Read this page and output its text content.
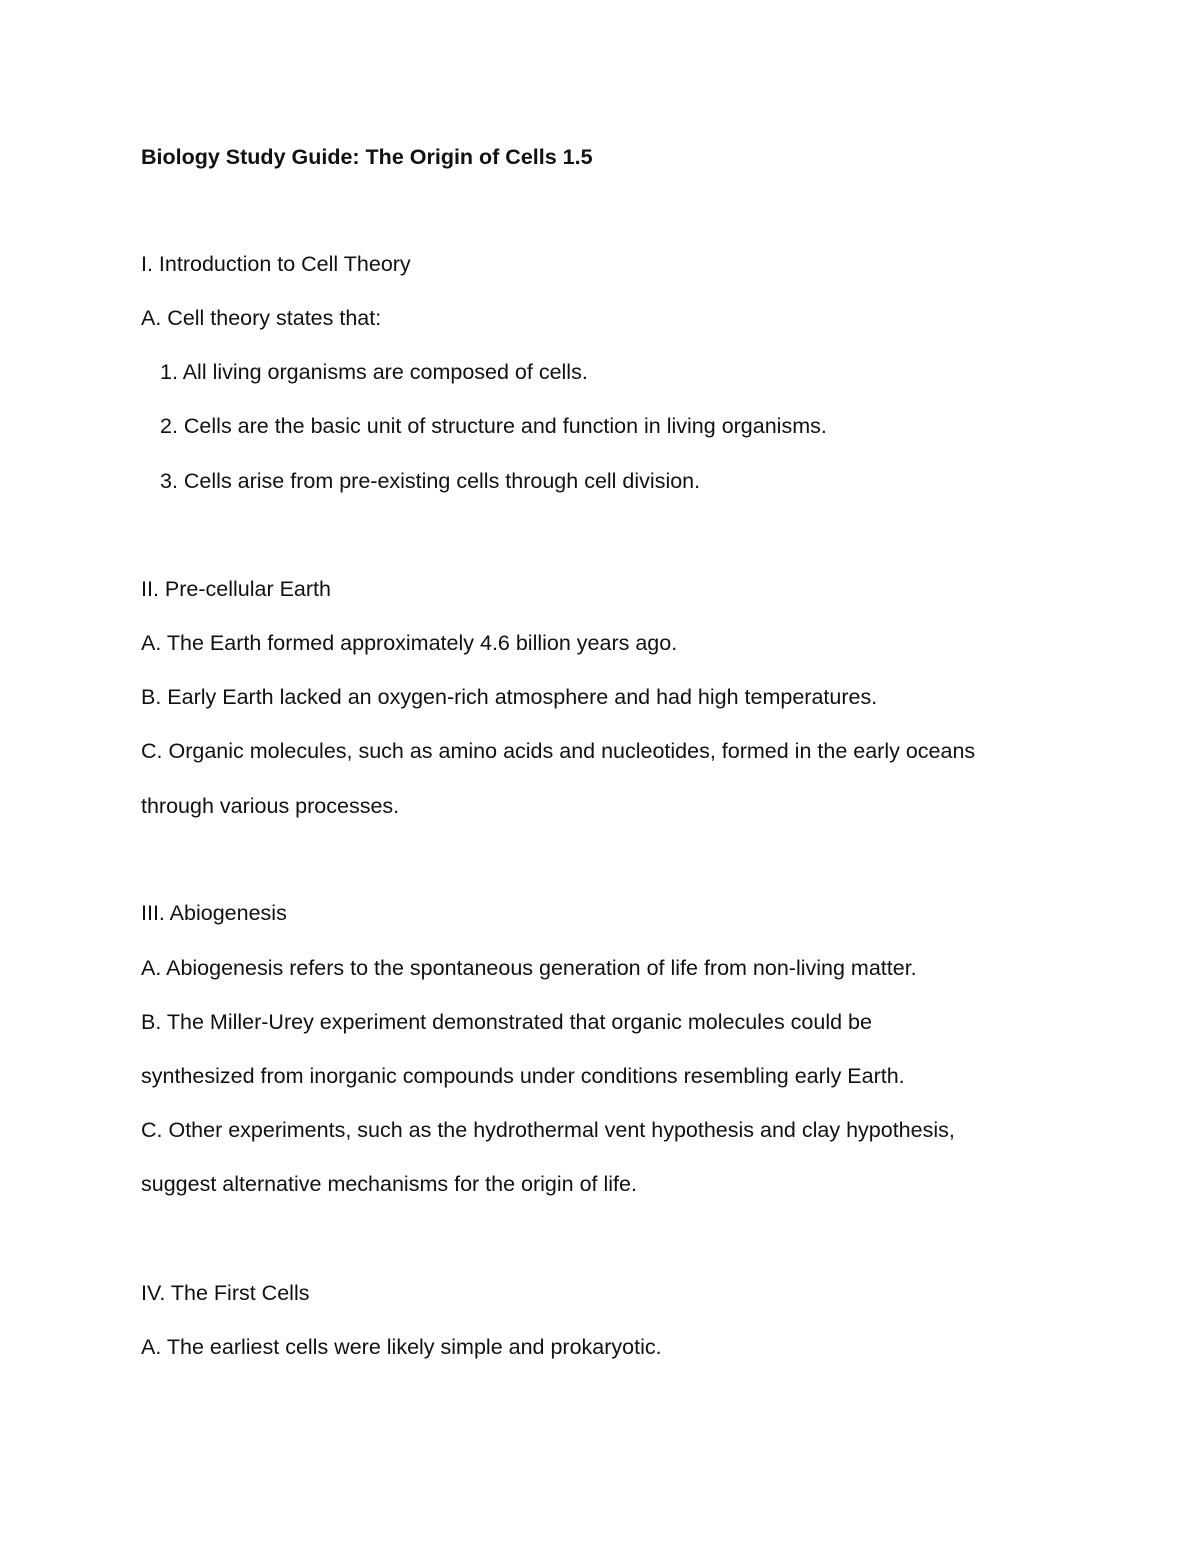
Biology Study Guide: The Origin of Cells 1.5
I. Introduction to Cell Theory
A. Cell theory states that:
1. All living organisms are composed of cells.
2. Cells are the basic unit of structure and function in living organisms.
3. Cells arise from pre-existing cells through cell division.
II. Pre-cellular Earth
A. The Earth formed approximately 4.6 billion years ago.
B. Early Earth lacked an oxygen-rich atmosphere and had high temperatures.
C. Organic molecules, such as amino acids and nucleotides, formed in the early oceans
through various processes.
III. Abiogenesis
A. Abiogenesis refers to the spontaneous generation of life from non-living matter.
B. The Miller-Urey experiment demonstrated that organic molecules could be
synthesized from inorganic compounds under conditions resembling early Earth.
C. Other experiments, such as the hydrothermal vent hypothesis and clay hypothesis,
suggest alternative mechanisms for the origin of life.
IV. The First Cells
A. The earliest cells were likely simple and prokaryotic.
